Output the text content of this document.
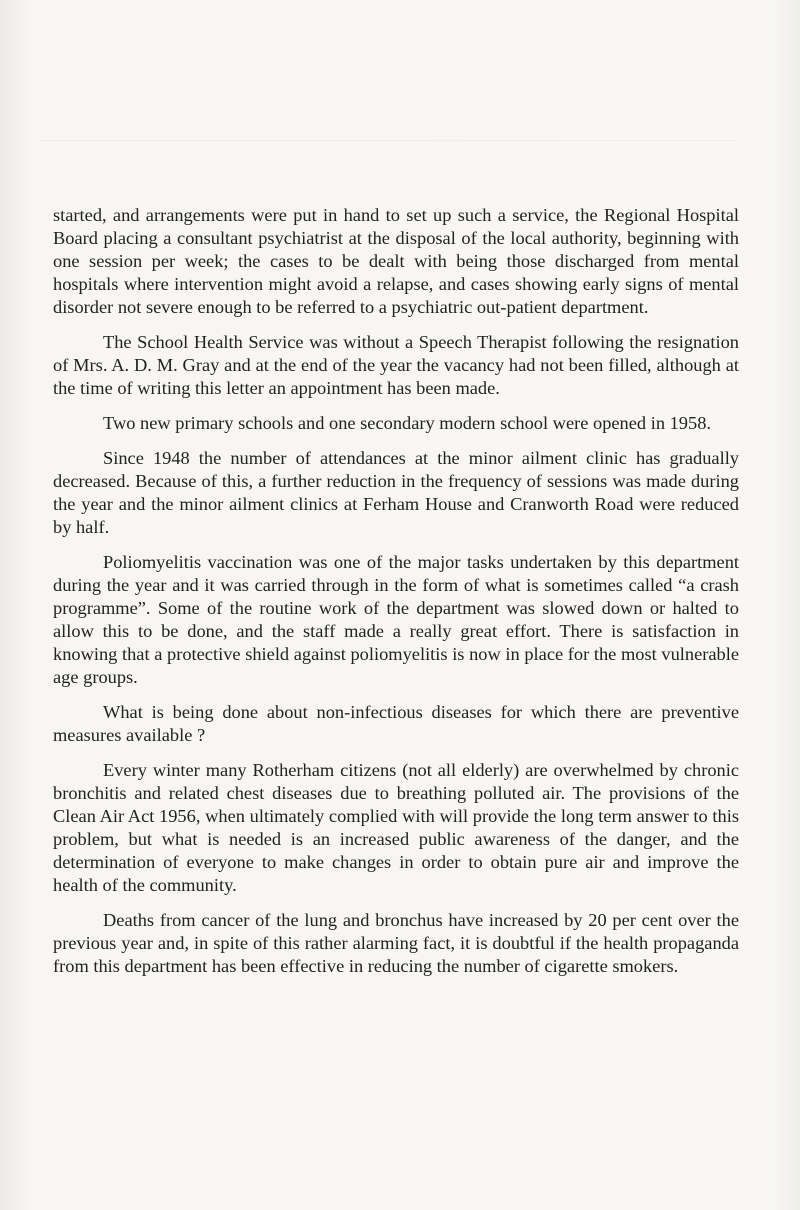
started, and arrangements were put in hand to set up such a service, the Regional Hospital Board placing a consultant psychiatrist at the disposal of the local authority, beginning with one session per week; the cases to be dealt with being those discharged from mental hospitals where intervention might avoid a relapse, and cases showing early signs of mental disorder not severe enough to be referred to a psychiatric out-patient department.

The School Health Service was without a Speech Therapist following the resignation of Mrs. A. D. M. Gray and at the end of the year the vacancy had not been filled, although at the time of writing this letter an appointment has been made.

Two new primary schools and one secondary modern school were opened in 1958.

Since 1948 the number of attendances at the minor ailment clinic has gradually decreased. Because of this, a further reduction in the frequency of sessions was made during the year and the minor ailment clinics at Ferham House and Cranworth Road were reduced by half.

Poliomyelitis vaccination was one of the major tasks undertaken by this department during the year and it was carried through in the form of what is sometimes called “a crash programme”. Some of the routine work of the department was slowed down or halted to allow this to be done, and the staff made a really great effort. There is satisfaction in knowing that a protective shield against poliomyelitis is now in place for the most vulnerable age groups.

What is being done about non-infectious diseases for which there are preventive measures available ?

Every winter many Rotherham citizens (not all elderly) are overwhelmed by chronic bronchitis and related chest diseases due to breathing polluted air. The provisions of the Clean Air Act 1956, when ultimately complied with will provide the long term answer to this problem, but what is needed is an increased public awareness of the danger, and the determination of everyone to make changes in order to obtain pure air and improve the health of the community.

Deaths from cancer of the lung and bronchus have increased by 20 per cent over the previous year and, in spite of this rather alarming fact, it is doubtful if the health propaganda from this department has been effective in reducing the number of cigarette smokers.
